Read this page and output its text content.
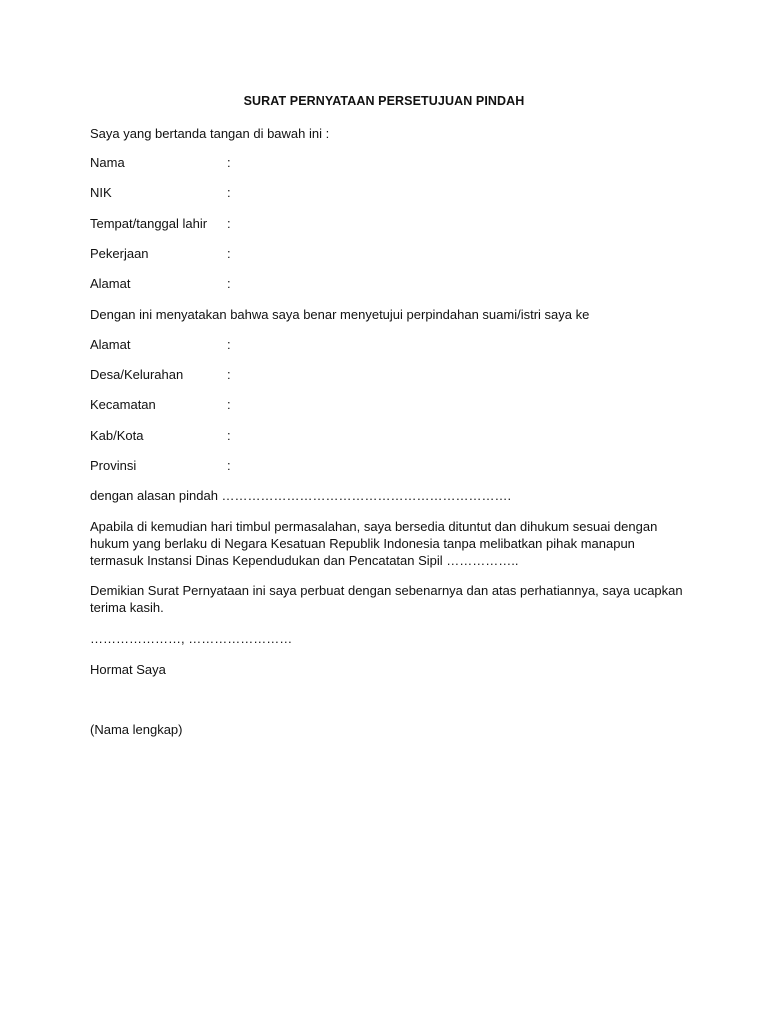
SURAT PERNYATAAN PERSETUJUAN PINDAH
Saya yang bertanda tangan di bawah ini :
Nama	:
NIK	:
Tempat/tanggal lahir :
Pekerjaan	:
Alamat	:
Dengan ini menyatakan bahwa saya benar menyetujui perpindahan suami/istri saya ke
Alamat	:
Desa/Kelurahan	:
Kecamatan	:
Kab/Kota	:
Provinsi	:
dengan alasan pindah ………………………………………………………….
Apabila di kemudian hari timbul permasalahan, saya bersedia dituntut dan dihukum sesuai dengan hukum yang berlaku di Negara Kesatuan Republik Indonesia tanpa melibatkan pihak manapun termasuk Instansi Dinas Kependudukan dan Pencatatan Sipil ……………..
Demikian Surat Pernyataan ini saya perbuat dengan sebenarnya dan atas perhatiannya, saya ucapkan terima kasih.
…………………, ……………………
Hormat Saya
(Nama lengkap)
